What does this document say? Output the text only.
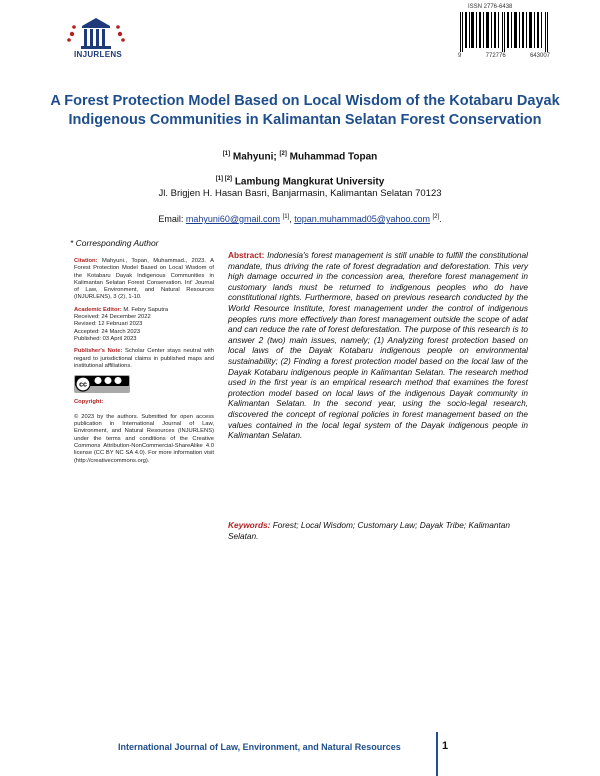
INJURLENS
ISSN 2776-6438
9	772776	643007
A Forest Protection Model Based on Local Wisdom of the Kotabaru Dayak Indigenous Communities in Kalimantan Selatan Forest Conservation
[1] Mahyuni; [2] Muhammad Topan
[1] [2] Lambung Mangkurat University
Jl. Brigjen H. Hasan Basri, Banjarmasin, Kalimantan Selatan 70123
Email: mahyuni60@gmail.com [1], topan.muhammad05@yahoo.com [2].
* Corresponding Author

Citation: Mahyuni., Topan, Muhammad., 2023. A Forest Protection Model Based on Local Wisdom of the Kotabaru Dayak Indigenous Communities in Kalimantan Selatan Forest Conservation. Int' Journal of Law, Environment, and Natural Resources (INJURLENS), 3 (2), 1-10.

Academic Editor: M. Febry Saputra
Received: 24 December 2022
Revised: 12 Februari 2023
Accepted: 24 March 2023
Published: 03 April 2023

Publisher's Note: Scholar Center stays neutral with regard to jurisdictional claims in published maps and institutional affiliations.

cc

Copyright:

© 2023 by the authors. Submitted for open access publication in International Journal of Law, Environment, and Natural Resources (INJURLENS) under the terms and conditions of the Creative Commons Attribution-NonCommercial-ShareAlike 4.0 license (CC BY NC SA 4.0). For more information visit (http://creativecommons.org).

Abstract: Indonesia's forest management is still unable to fulfill the constitutional mandate, thus driving the rate of forest degradation and deforestation. This very high damage occurred in the concession area, therefore forest management in customary lands must be returned to indigenous peoples who do have constitutional rights. Furthermore, based on previous research conducted by the World Resource Institute, forest management under the control of indigenous peoples runs more effectively than forest management outside the scope of adat and can reduce the rate of forest deforestation. The purpose of this research is to answer 2 (two) main issues, namely; (1) Analyzing forest protection based on local laws of the Dayak Kotabaru indigenous people on environmental sustainability; (2) Finding a forest protection model based on the local law of the Dayak Kotabaru indigenous people in Kalimantan Selatan. The research method used in the first year is an empirical research method that examines the forest protection model based on local laws of the indigenous Dayak community in Kalimantan Selatan. In the second year, using the socio-legal research, discovered the concept of regional policies in forest management based on the values contained in the local legal system of the Dayak indigenous people in Kalimantan Selatan.
Keywords: Forest; Local Wisdom; Customary Law; Dayak Tribe; Kalimantan Selatan.
International Journal of Law, Environment, and Natural Resources	1
